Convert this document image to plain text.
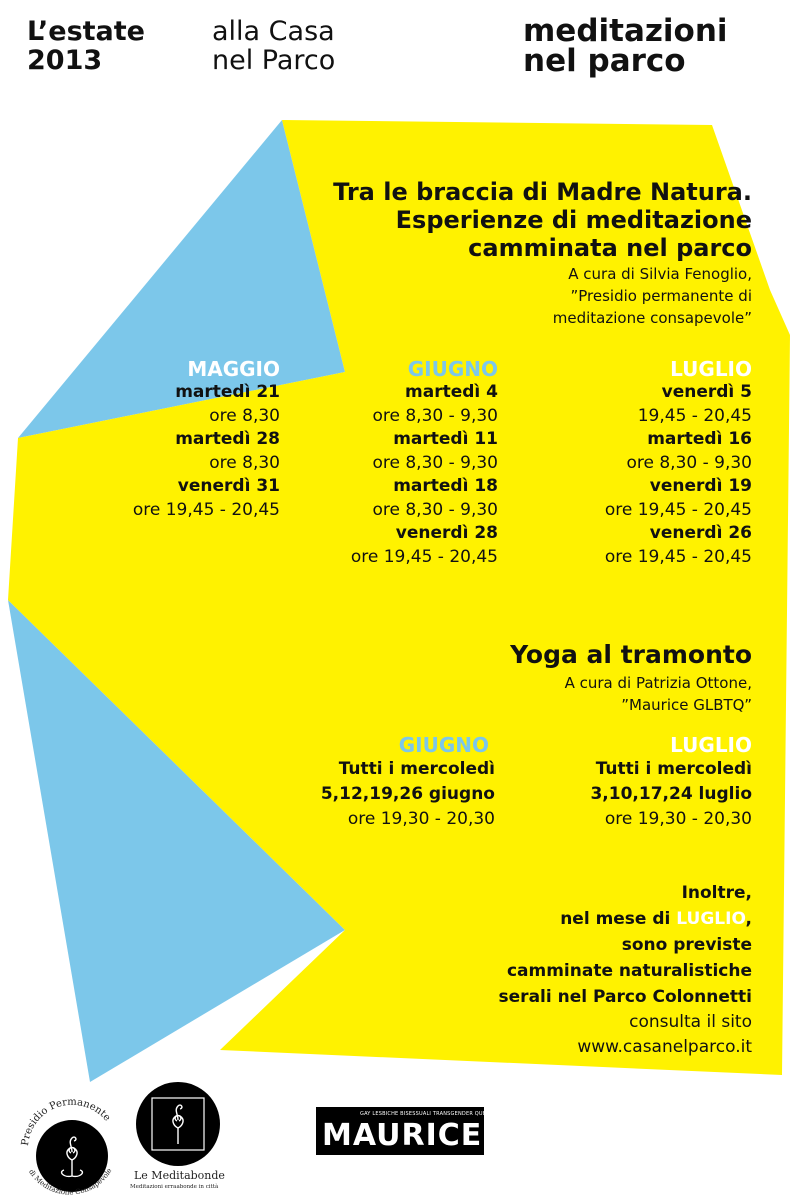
L’estate
2013
alla Casa
nel Parco
meditazioni
nel parco
Tra le braccia di Madre Natura.
Esperienze di meditazione
camminata nel parco
A cura di Silvia Fenoglio,
”Presidio permanente di
meditazione consapevole”
MAGGIO
martedì 21
ore 8,30
martedì 28
ore 8,30
venerdì 31
ore 19,45 - 20,45
GIUGNO
martedì 4
ore 8,30 - 9,30
martedì 11
ore 8,30 - 9,30
martedì 18
ore 8,30 - 9,30
venerdì 28
ore 19,45 - 20,45
LUGLIO
venerdì 5
19,45 - 20,45
martedì 16
ore 8,30 - 9,30
venerdì 19
ore 19,45 - 20,45
venerdì 26
ore 19,45 - 20,45
Yoga al tramonto
A cura di Patrizia Ottone,
”Maurice GLBTQ”
GIUGNO
Tutti i mercoledì
5,12,19,26 giugno
ore 19,30 - 20,30
LUGLIO
Tutti i mercoledì
3,10,17,24 luglio
ore 19,30 - 20,30
Inoltre,
nel mese di LUGLIO,
sono previste
camminate naturalistiche
serali nel Parco Colonnetti
consulta il sito
www.casanelparco.it
Presidio Permanente
di Meditazione Consapevole Le Meditabonde
Meditazioni erraabonde in città
GAY LESBICHE BISESSUALI TRANSGENDER QUEER · TORINO
MAURICE
